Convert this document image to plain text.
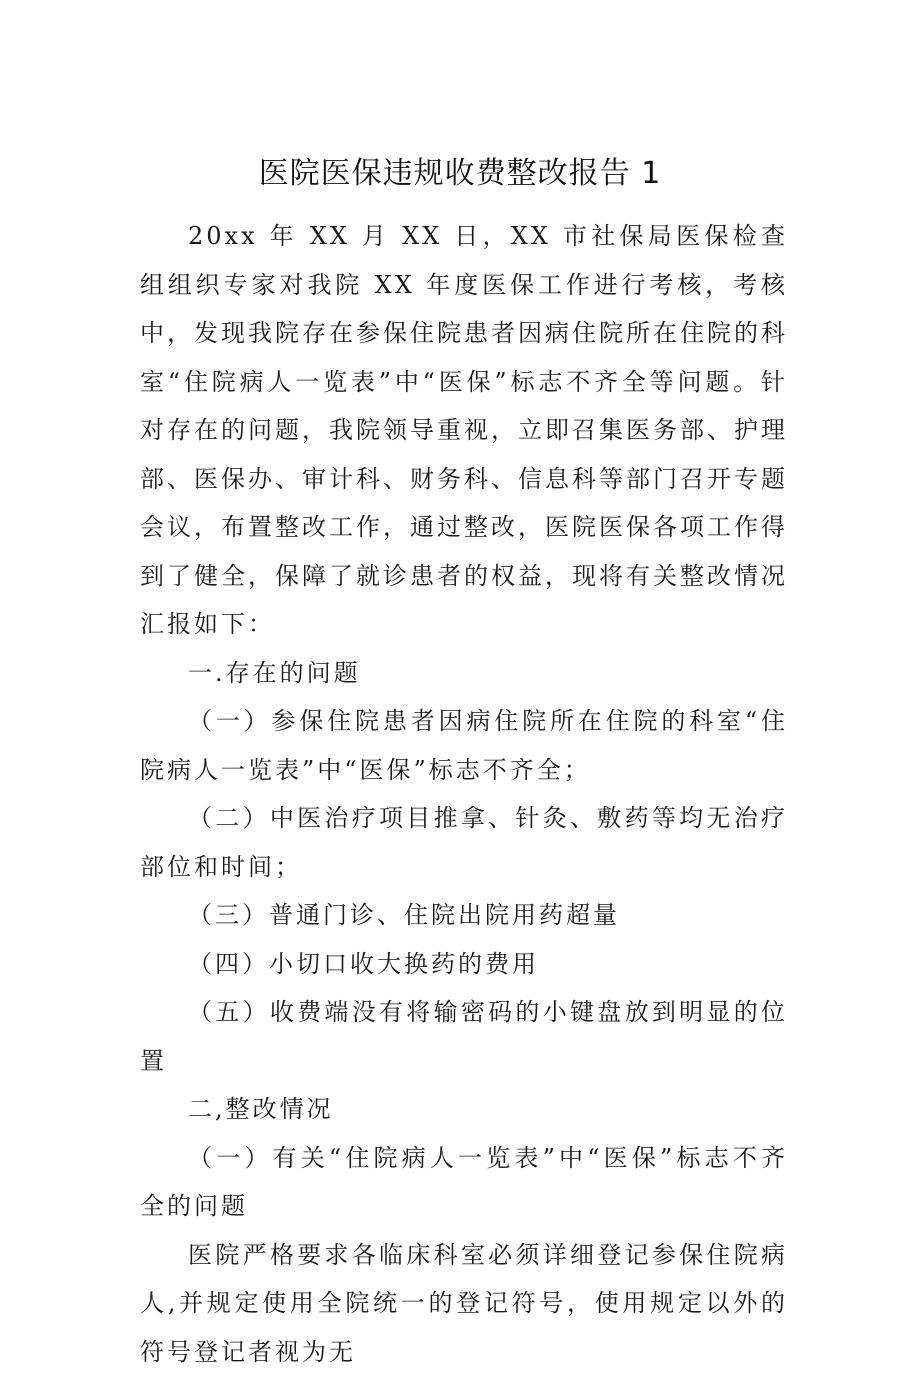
医院医保违规收费整改报告 1

20xx 年 XX 月 XX 日，XX 市社保局医保检查组组织专家对我院 XX 年度医保工作进行考核，考核中，发现我院存在参保住院患者因病住院所在住院的科室“住院病人一览表”中“医保”标志不齐全等问题。针对存在的问题，我院领导重视，立即召集医务部、护理部、医保办、审计科、财务科、信息科等部门召开专题会议，布置整改工作，通过整改，医院医保各项工作得到了健全，保障了就诊患者的权益，现将有关整改情况汇报如下：

一.存在的问题

（一）参保住院患者因病住院所在住院的科室“住院病人一览表”中“医保”标志不齐全；

（二）中医治疗项目推拿、针灸、敷药等均无治疗部位和时间；

（三）普通门诊、住院出院用药超量

（四）小切口收大换药的费用

（五）收费端没有将输密码的小键盘放到明显的位置

二,整改情况

（一）有关“住院病人一览表”中“医保”标志不齐全的问题

医院严格要求各临床科室必须详细登记参保住院病人,并规定使用全院统一的登记符号，使用规定以外的符号登记者视为无
